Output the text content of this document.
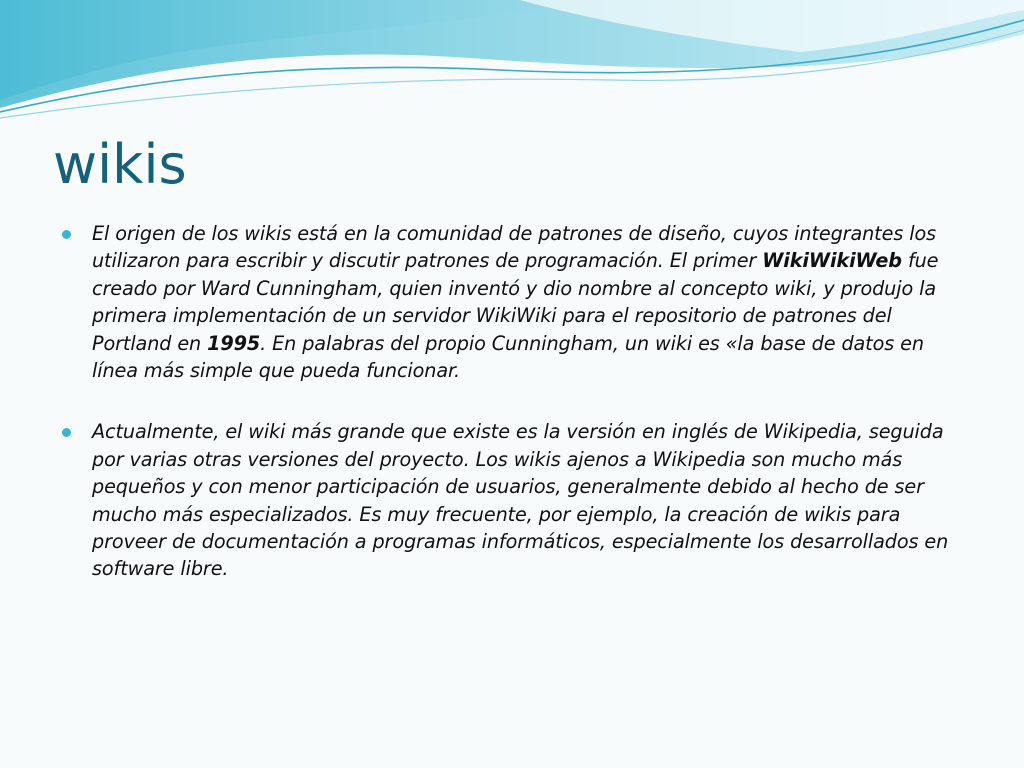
wikis
El origen de los wikis está en la comunidad de patrones de diseño, cuyos integrantes los utilizaron para escribir y discutir patrones de programación. El primer WikiWikiWeb fue creado por Ward Cunningham, quien inventó y dio nombre al concepto wiki, y produjo la primera implementación de un servidor WikiWiki para el repositorio de patrones del Portland en 1995. En palabras del propio Cunningham, un wiki es «la base de datos en línea más simple que pueda funcionar.
Actualmente, el wiki más grande que existe es la versión en inglés de Wikipedia, seguida por varias otras versiones del proyecto. Los wikis ajenos a Wikipedia son mucho más pequeños y con menor participación de usuarios, generalmente debido al hecho de ser mucho más especializados. Es muy frecuente, por ejemplo, la creación de wikis para proveer de documentación a programas informáticos, especialmente los desarrollados en software libre.
